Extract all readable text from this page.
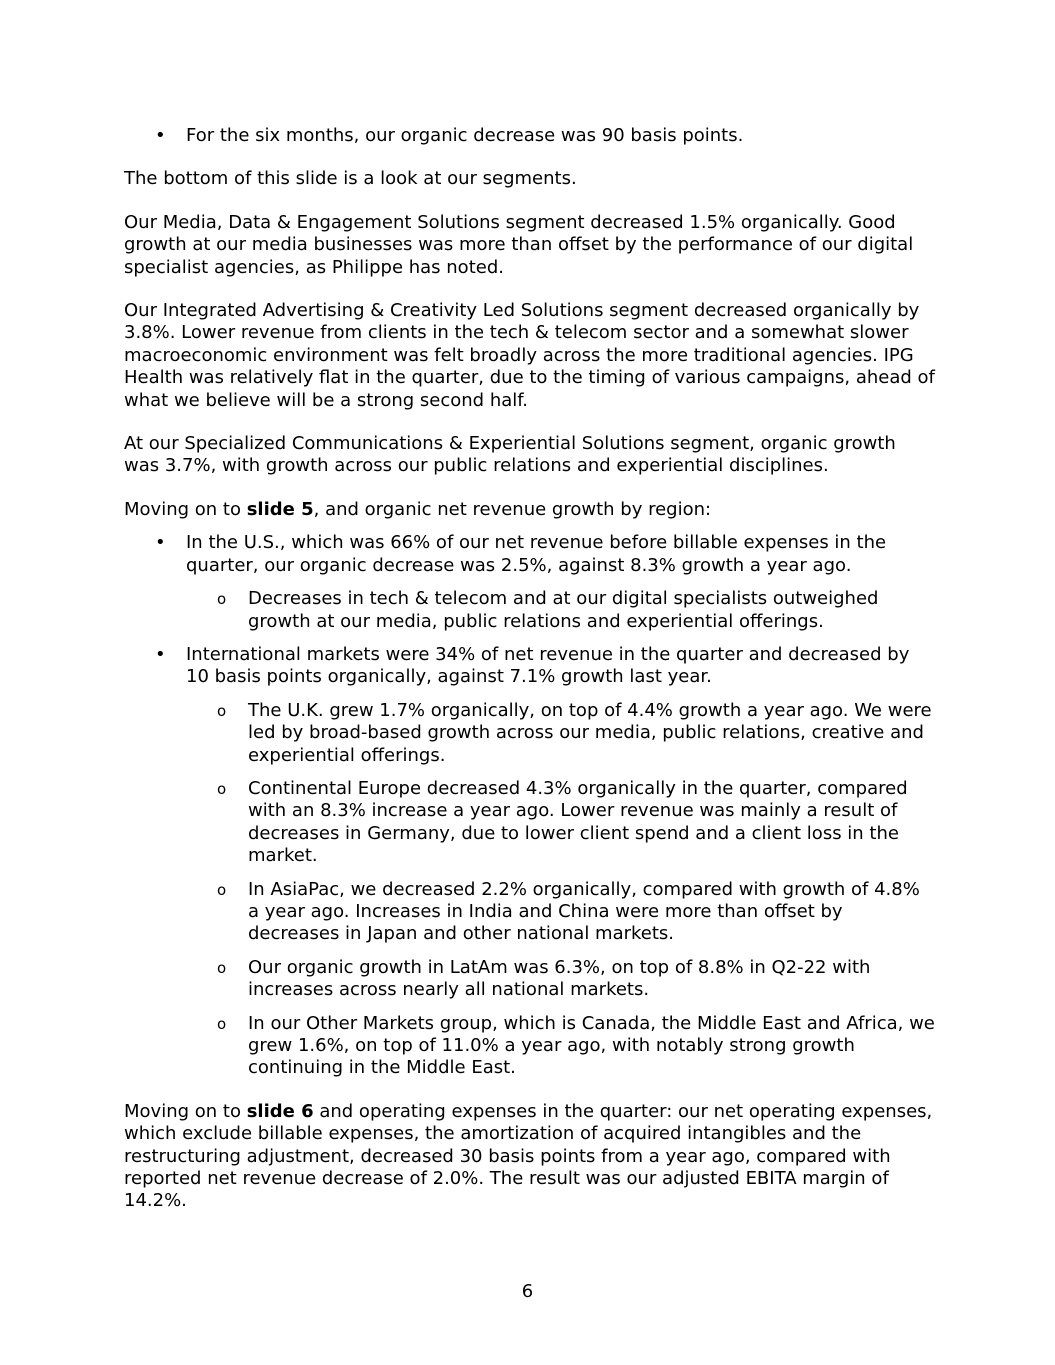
• For the six months, our organic decrease was 90 basis points.

The bottom of this slide is a look at our segments.

Our Media, Data & Engagement Solutions segment decreased 1.5% organically. Good growth at our media businesses was more than offset by the performance of our digital specialist agencies, as Philippe has noted.

Our Integrated Advertising & Creativity Led Solutions segment decreased organically by 3.8%. Lower revenue from clients in the tech & telecom sector and a somewhat slower macroeconomic environment was felt broadly across the more traditional agencies. IPG Health was relatively flat in the quarter, due to the timing of various campaigns, ahead of what we believe will be a strong second half.

At our Specialized Communications & Experiential Solutions segment, organic growth was 3.7%, with growth across our public relations and experiential disciplines.

Moving on to slide 5, and organic net revenue growth by region:

• In the U.S., which was 66% of our net revenue before billable expenses in the quarter, our organic decrease was 2.5%, against 8.3% growth a year ago.
o Decreases in tech & telecom and at our digital specialists outweighed growth at our media, public relations and experiential offerings.
• International markets were 34% of net revenue in the quarter and decreased by 10 basis points organically, against 7.1% growth last year.
o The U.K. grew 1.7% organically, on top of 4.4% growth a year ago. We were led by broad-based growth across our media, public relations, creative and experiential offerings.
o Continental Europe decreased 4.3% organically in the quarter, compared with an 8.3% increase a year ago. Lower revenue was mainly a result of decreases in Germany, due to lower client spend and a client loss in the market.
o In AsiaPac, we decreased 2.2% organically, compared with growth of 4.8% a year ago. Increases in India and China were more than offset by decreases in Japan and other national markets.
o Our organic growth in LatAm was 6.3%, on top of 8.8% in Q2-22 with increases across nearly all national markets.
o In our Other Markets group, which is Canada, the Middle East and Africa, we grew 1.6%, on top of 11.0% a year ago, with notably strong growth continuing in the Middle East.

Moving on to slide 6 and operating expenses in the quarter: our net operating expenses, which exclude billable expenses, the amortization of acquired intangibles and the restructuring adjustment, decreased 30 basis points from a year ago, compared with reported net revenue decrease of 2.0%. The result was our adjusted EBITA margin of 14.2%.

6
